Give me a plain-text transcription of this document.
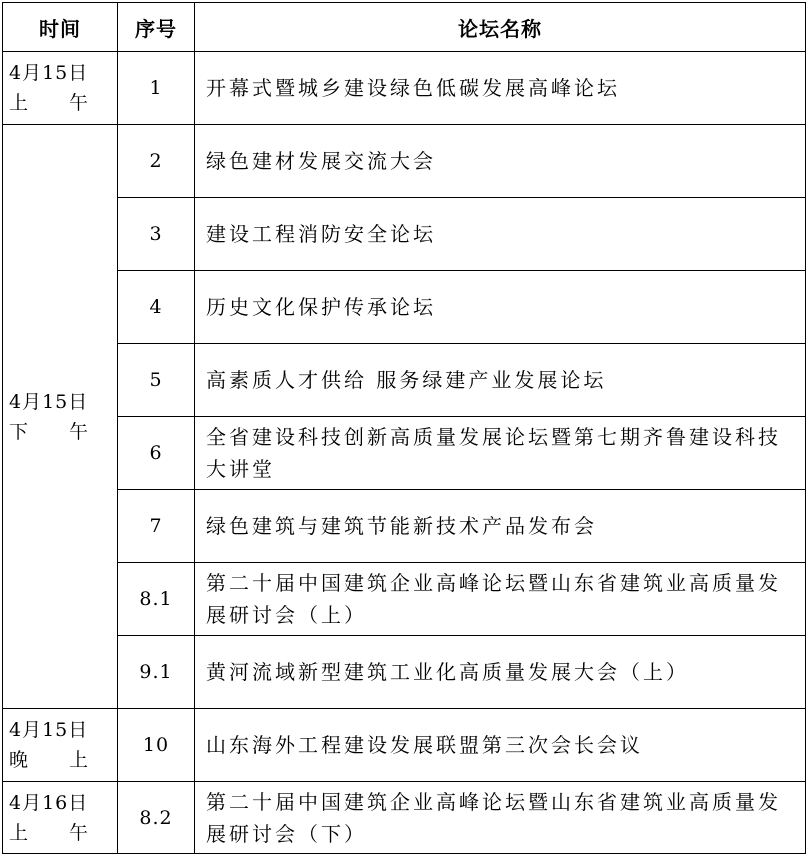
时间	序号	论坛名称

4月15日
上　　午	1	开幕式暨城乡建设绿色低碳发展高峰论坛

4月15日
下　　午	2	绿色建材发展交流大会
	3	建设工程消防安全论坛
	4	历史文化保护传承论坛
	5	高素质人才供给 服务绿建产业发展论坛
	6	全省建设科技创新高质量发展论坛暨第七期齐鲁建设科技大讲堂
	7	绿色建筑与建筑节能新技术产品发布会
	8.1	第二十届中国建筑企业高峰论坛暨山东省建筑业高质量发展研讨会（上）
	9.1	黄河流域新型建筑工业化高质量发展大会（上）

4月15日
晚　　上	10	山东海外工程建设发展联盟第三次会长会议

4月16日
上　　午	8.2	第二十届中国建筑企业高峰论坛暨山东省建筑业高质量发展研讨会（下）
